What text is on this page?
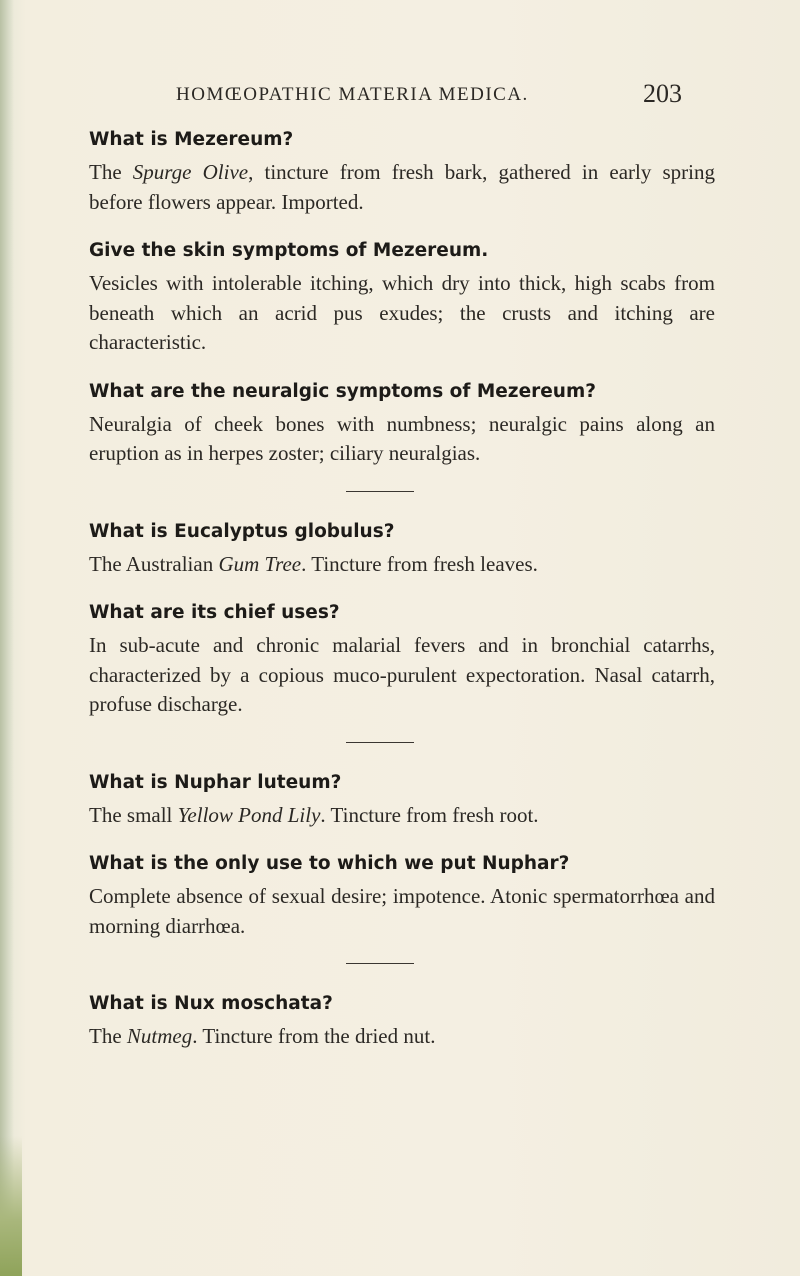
HOMŒOPATHIC MATERIA MEDICA.	203

What is Mezereum?

The Spurge Olive, tincture from fresh bark, gathered in early spring before flowers appear. Imported.

Give the skin symptoms of Mezereum.

Vesicles with intolerable itching, which dry into thick, high scabs from beneath which an acrid pus exudes; the crusts and itching are characteristic.

What are the neuralgic symptoms of Mezereum?

Neuralgia of cheek bones with numbness; neuralgic pains along an eruption as in herpes zoster; ciliary neuralgias.

What is Eucalyptus globulus?

The Australian Gum Tree. Tincture from fresh leaves.

What are its chief uses?

In sub-acute and chronic malarial fevers and in bronchial catarrhs, characterized by a copious muco-purulent expectoration. Nasal catarrh, profuse discharge.

What is Nuphar luteum?

The small Yellow Pond Lily. Tincture from fresh root.

What is the only use to which we put Nuphar?

Complete absence of sexual desire; impotence. Atonic spermatorrhœa and morning diarrhœa.

What is Nux moschata?

The Nutmeg. Tincture from the dried nut.
